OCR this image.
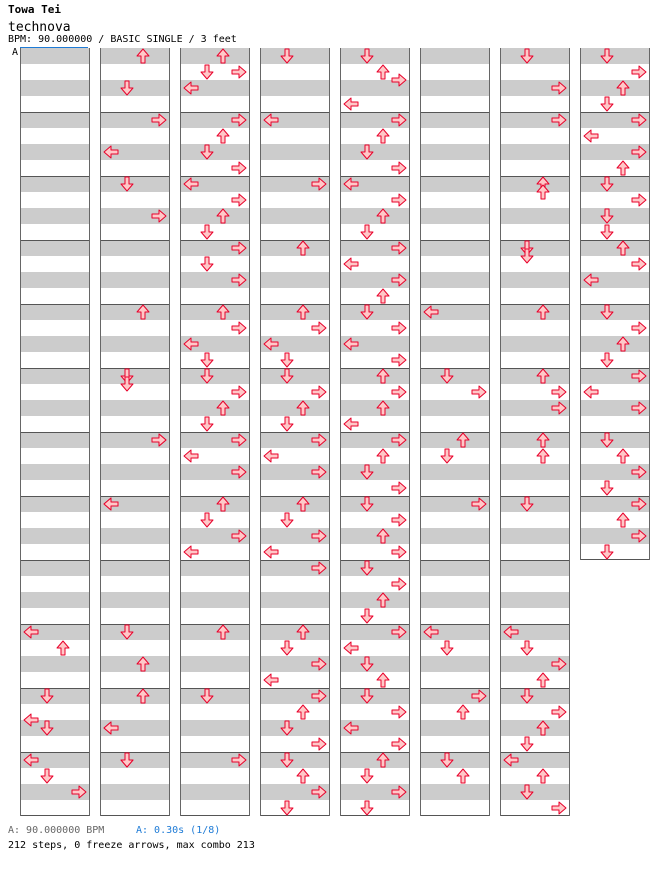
Towa Tei
technova
BPM: 90.000000 / BASIC SINGLE / 3 feet
A
A: 90.000000 BPM	A: 0.30s (1/8)
212 steps, 0 freeze arrows, max combo 213
